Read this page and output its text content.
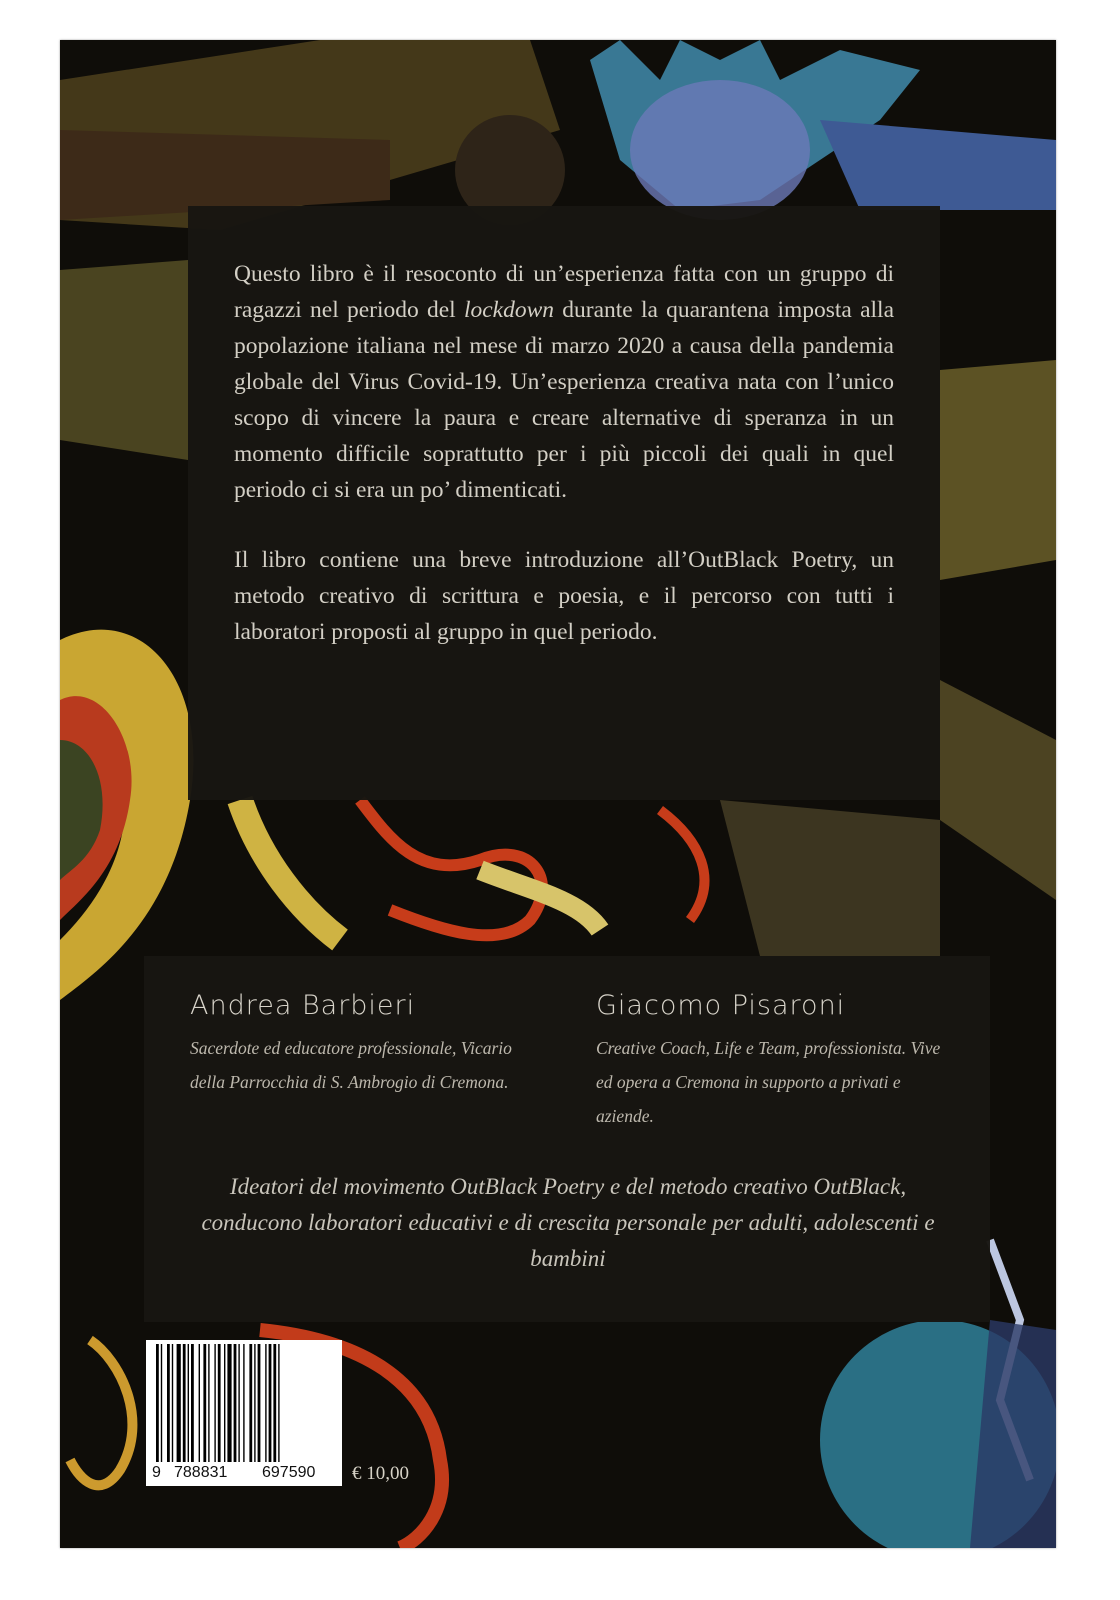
Questo libro è il resoconto di un’esperienza fatta con un gruppo di ragazzi nel periodo del lockdown durante la quarantena imposta alla popolazione italiana nel mese di marzo 2020 a causa della pandemia globale del Virus Covid-19. Un’esperienza creativa nata con l’unico scopo di vincere la paura e creare alternative di speranza in un momento difficile soprattutto per i più piccoli dei quali in quel periodo ci si era un po’ dimenticati.

Il libro contiene una breve introduzione all’OutBlack Poetry, un metodo creativo di scrittura e poesia, e il percorso con tutti i laboratori proposti al gruppo in quel periodo.

Andrea Barbieri
Sacerdote ed educatore professionale, Vicario della Parrocchia di S. Ambrogio di Cremona.
Giacomo Pisaroni
Creative Coach, Life e Team, professionista. Vive ed opera a Cremona in supporto a privati e aziende.
Ideatori del movimento OutBlack Poetry e del metodo creativo OutBlack, conducono laboratori educativi e di crescita personale per adulti, adolescenti e bambini
9 788831 697590 € 10,00
